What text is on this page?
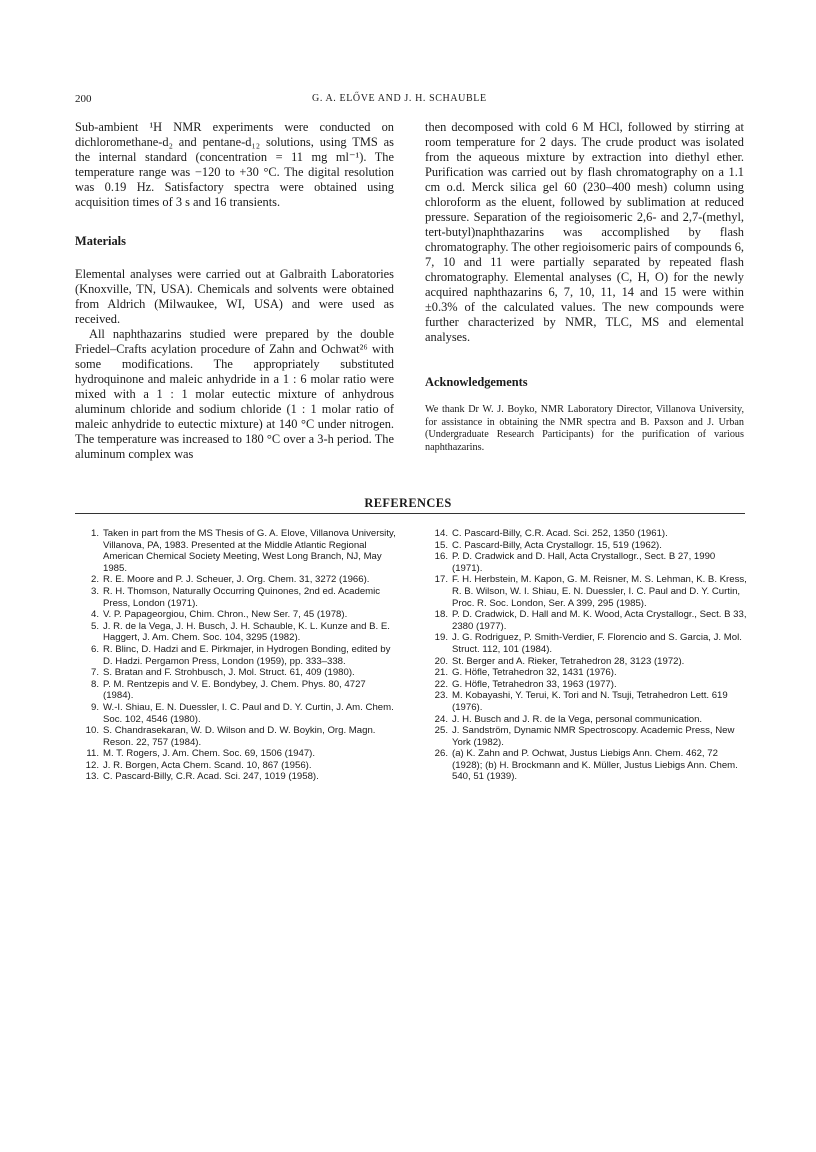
200	G. A. ELŐVE AND J. H. SCHAUBLE

Sub-ambient ¹H NMR experiments were conducted on dichloromethane-d₂ and pentane-d₁₂ solutions, using TMS as the internal standard (concentration = 11 mg ml⁻¹). The temperature range was −120 to +30 °C. The digital resolution was 0.19 Hz. Satisfactory spectra were obtained using acquisition times of 3 s and 16 transients.

Materials

Elemental analyses were carried out at Galbraith Laboratories (Knoxville, TN, USA). Chemicals and solvents were obtained from Aldrich (Milwaukee, WI, USA) and were used as received.

All naphthazarins studied were prepared by the double Friedel–Crafts acylation procedure of Zahn and Ochwat²⁶ with some modifications. The appropriately substituted hydroquinone and maleic anhydride in a 1 : 6 molar ratio were mixed with a 1 : 1 molar eutectic mixture of anhydrous aluminum chloride and sodium chloride (1 : 1 molar ratio of maleic anhydride to eutectic mixture) at 140 °C under nitrogen. The temperature was increased to 180 °C over a 3-h period. The aluminum complex was

then decomposed with cold 6 M HCl, followed by stirring at room temperature for 2 days. The crude product was isolated from the aqueous mixture by extraction into diethyl ether. Purification was carried out by flash chromatography on a 1.1 cm o.d. Merck silica gel 60 (230–400 mesh) column using chloroform as the eluent, followed by sublimation at reduced pressure. Separation of the regioisomeric 2,6- and 2,7-(methyl, tert-butyl)naphthazarins was accomplished by flash chromatography. The other regioisomeric pairs of compounds 6, 7, 10 and 11 were partially separated by repeated flash chromatography. Elemental analyses (C, H, O) for the newly acquired naphthazarins 6, 7, 10, 11, 14 and 15 were within ±0.3% of the calculated values. The new compounds were further characterized by NMR, TLC, MS and elemental analyses.

Acknowledgements

We thank Dr W. J. Boyko, NMR Laboratory Director, Villanova University, for assistance in obtaining the NMR spectra and B. Paxson and J. Urban (Undergraduate Research Participants) for the purification of various naphthazarins.

REFERENCES
1. Taken in part from the MS Thesis of G. A. Elove, Villanova University, Villanova, PA, 1983. Presented at the Middle Atlantic Regional American Chemical Society Meeting, West Long Branch, NJ, May 1985.
2. R. E. Moore and P. J. Scheuer, J. Org. Chem. 31, 3272 (1966).
3. R. H. Thomson, Naturally Occurring Quinones, 2nd ed. Academic Press, London (1971).
4. V. P. Papageorgiou, Chim. Chron., New Ser. 7, 45 (1978).
5. J. R. de la Vega, J. H. Busch, J. H. Schauble, K. L. Kunze and B. E. Haggert, J. Am. Chem. Soc. 104, 3295 (1982).
6. R. Blinc, D. Hadzi and E. Pirkmajer, in Hydrogen Bonding, edited by D. Hadzi. Pergamon Press, London (1959), pp. 333–338.
7. S. Bratan and F. Strohbusch, J. Mol. Struct. 61, 409 (1980).
8. P. M. Rentzepis and V. E. Bondybey, J. Chem. Phys. 80, 4727 (1984).
9. W.-I. Shiau, E. N. Duessler, I. C. Paul and D. Y. Curtin, J. Am. Chem. Soc. 102, 4546 (1980).
10. S. Chandrasekaran, W. D. Wilson and D. W. Boykin, Org. Magn. Reson. 22, 757 (1984).
11. M. T. Rogers, J. Am. Chem. Soc. 69, 1506 (1947).
12. J. R. Borgen, Acta Chem. Scand. 10, 867 (1956).
13. C. Pascard-Billy, C.R. Acad. Sci. 247, 1019 (1958).
14. C. Pascard-Billy, C.R. Acad. Sci. 252, 1350 (1961).
15. C. Pascard-Billy, Acta Crystallogr. 15, 519 (1962).
16. P. D. Cradwick and D. Hall, Acta Crystallogr., Sect. B 27, 1990 (1971).
17. F. H. Herbstein, M. Kapon, G. M. Reisner, M. S. Lehman, K. B. Kress, R. B. Wilson, W. I. Shiau, E. N. Duessler, I. C. Paul and D. Y. Curtin, Proc. R. Soc. London, Ser. A 399, 295 (1985).
18. P. D. Cradwick, D. Hall and M. K. Wood, Acta Crystallogr., Sect. B 33, 2380 (1977).
19. J. G. Rodriguez, P. Smith-Verdier, F. Florencio and S. Garcia, J. Mol. Struct. 112, 101 (1984).
20. St. Berger and A. Rieker, Tetrahedron 28, 3123 (1972).
21. G. Höfle, Tetrahedron 32, 1431 (1976).
22. G. Höfle, Tetrahedron 33, 1963 (1977).
23. M. Kobayashi, Y. Terui, K. Tori and N. Tsuji, Tetrahedron Lett. 619 (1976).
24. J. H. Busch and J. R. de la Vega, personal communication.
25. J. Sandström, Dynamic NMR Spectroscopy. Academic Press, New York (1982).
26. (a) K. Zahn and P. Ochwat, Justus Liebigs Ann. Chem. 462, 72 (1928); (b) H. Brockmann and K. Müller, Justus Liebigs Ann. Chem. 540, 51 (1939).
